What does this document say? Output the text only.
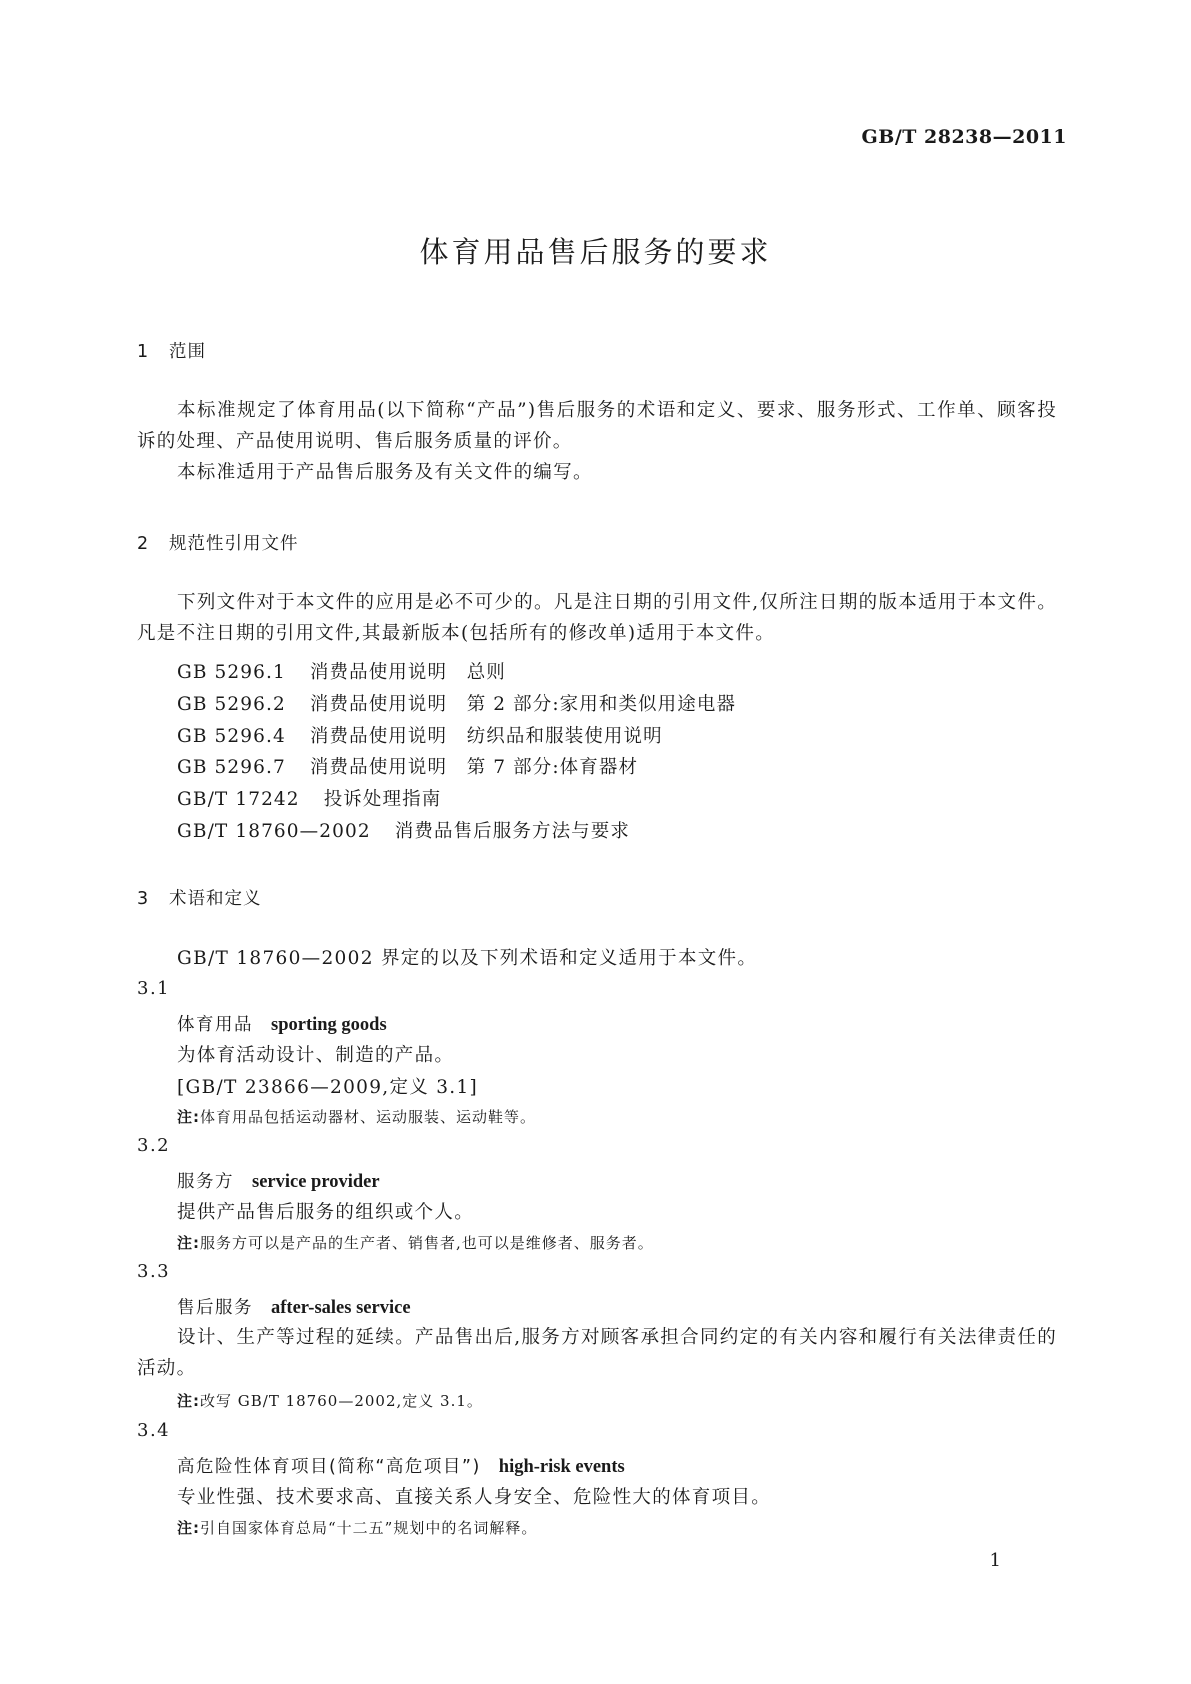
GB/T 28238—2011
体育用品售后服务的要求
1 范围
本标准规定了体育用品(以下简称“产品”)售后服务的术语和定义、要求、服务形式、工作单、顾客投诉的处理、产品使用说明、售后服务质量的评价。
本标准适用于产品售后服务及有关文件的编写。
2 规范性引用文件
下列文件对于本文件的应用是必不可少的。凡是注日期的引用文件,仅所注日期的版本适用于本文件。凡是不注日期的引用文件,其最新版本(包括所有的修改单)适用于本文件。
GB 5296.1 消费品使用说明　总则
GB 5296.2 消费品使用说明　第 2 部分:家用和类似用途电器
GB 5296.4 消费品使用说明　纺织品和服装使用说明
GB 5296.7 消费品使用说明　第 7 部分:体育器材
GB/T 17242 投诉处理指南
GB/T 18760—2002 消费品售后服务方法与要求
3 术语和定义
GB/T 18760—2002 界定的以及下列术语和定义适用于本文件。
3.1
体育用品 sporting goods
为体育活动设计、制造的产品。
[GB/T 23866—2009,定义 3.1]
注:体育用品包括运动器材、运动服装、运动鞋等。
3.2
服务方 service provider
提供产品售后服务的组织或个人。
注:服务方可以是产品的生产者、销售者,也可以是维修者、服务者。
3.3
售后服务 after-sales service
设计、生产等过程的延续。产品售出后,服务方对顾客承担合同约定的有关内容和履行有关法律责任的活动。
注:改写 GB/T 18760—2002,定义 3.1。
3.4
高危险性体育项目(简称“高危项目”) high-risk events
专业性强、技术要求高、直接关系人身安全、危险性大的体育项目。
注:引自国家体育总局“十二五”规划中的名词解释。
1
